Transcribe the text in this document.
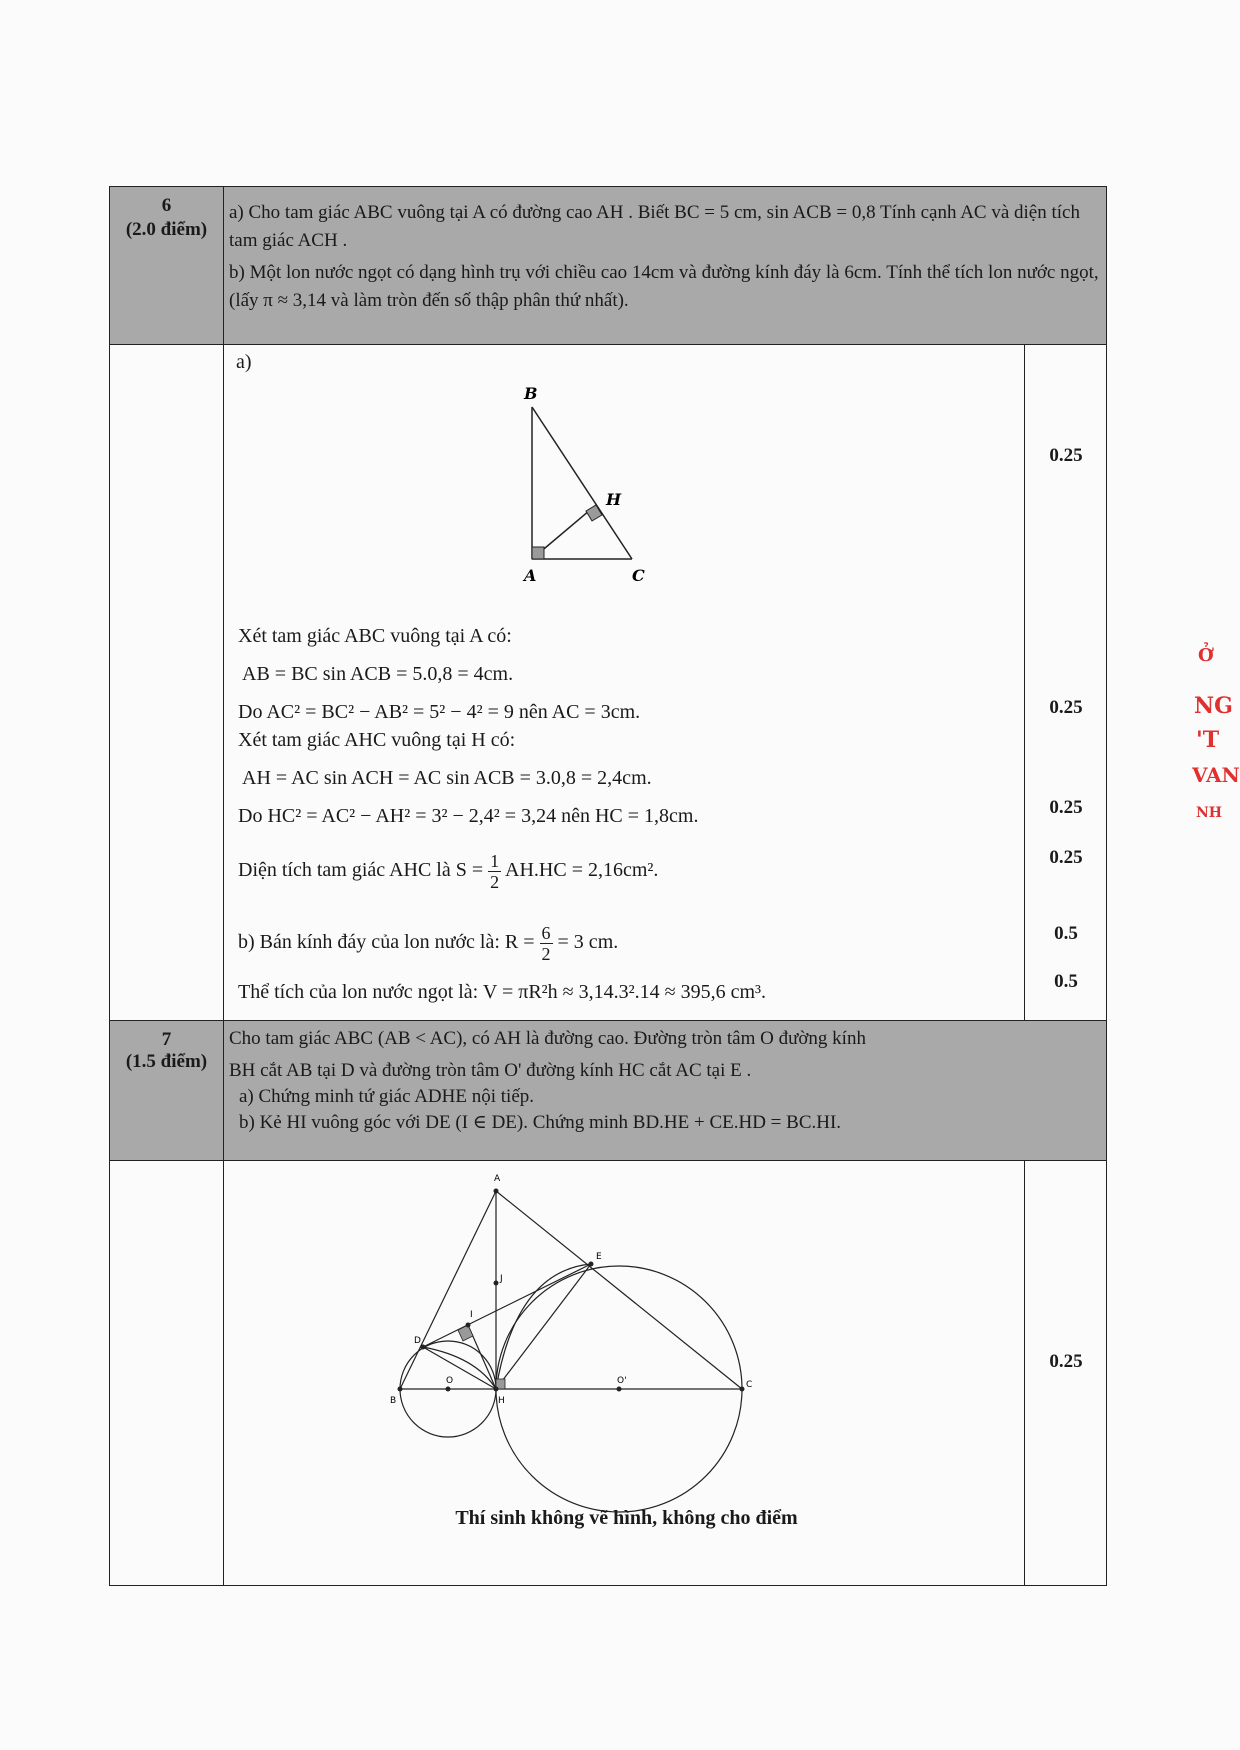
6
(2.0 điểm)
a) Cho tam giác ABC vuông tại A có đường cao AH . Biết BC = 5 cm, sin ACB = 0,8 Tính cạnh AC và diện tích tam giác ACH .
b) Một lon nước ngọt có dạng hình trụ với chiều cao 14cm và đường kính đáy là 6cm. Tính thể tích lon nước ngọt, (lấy π ≈ 3,14 và làm tròn đến số thập phân thứ nhất).
a)
B
H
A	C
Xét tam giác ABC vuông tại A có:
AB = BC sin ACB = 5.0,8 = 4cm.
Do AC² = BC² − AB² = 5² − 4² = 9 nên AC = 3cm.
Xét tam giác AHC vuông tại H có:
AH = AC sin ACH = AC sin ACB = 3.0,8 = 2,4cm.
Do HC² = AC² − AH² = 3² − 2,4² = 3,24 nên HC = 1,8cm.
Diện tích tam giác AHC là $S = \frac{1}{2} AH.HC = 2,16cm^2$.
b) Bán kính đáy của lon nước là: $R = \frac{6}{2} = 3$ cm.
Thể tích của lon nước ngọt là: V = πR²h ≈ 3,14.3².14 ≈ 395,6 cm³.
0.25
0.25
0.25
0.25
0.5
0.5
7
(1.5 điểm)
Cho tam giác ABC (AB < AC), có AH là đường cao. Đường tròn tâm O đường kính
BH cắt AB tại D và đường tròn tâm O' đường kính HC cắt AC tại E .
a) Chứng minh tứ giác ADHE nội tiếp.
b) Kẻ HI vuông góc với DE (I ∈ DE). Chứng minh BD.HE + CE.HD = BC.HI.
A
E
J
I
D
B
O
H
O'	C
0.25
Thí sinh không vẽ hình, không cho điểm
Ở
NG
'T
VAN
NH
